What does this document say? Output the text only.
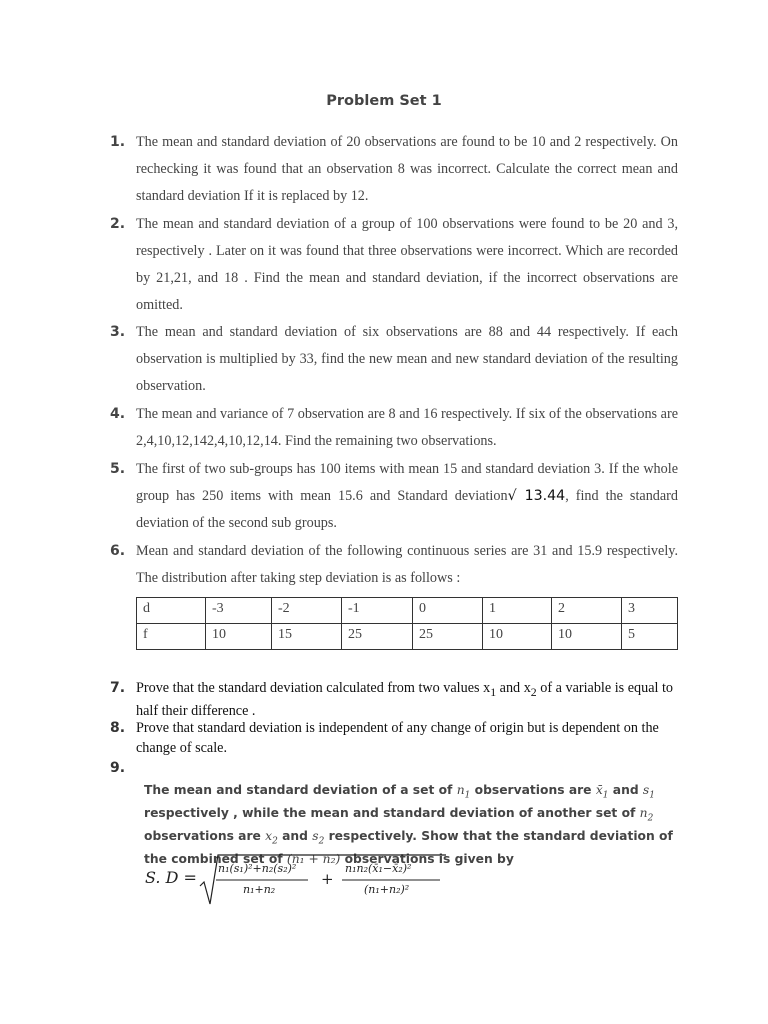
Problem Set 1
1. The mean and standard deviation of 20 observations are found to be 10 and 2 respectively. On rechecking it was found that an observation 8 was incorrect. Calculate the correct mean and standard deviation If it is replaced by 12.
2. The mean and standard deviation of a group of 100 observations were found to be 20 and 3, respectively . Later on it was found that three observations were incorrect. Which are recorded by 21,21, and 18 . Find the mean and standard deviation, if the incorrect observations are omitted.
3. The mean and standard deviation of six observations are 88 and 44 respectively. If each observation is multiplied by 33, find the new mean and new standard deviation of the resulting observation.
4. The mean and variance of 7 observation are 8 and 16 respectively. If six of the observations are 2,4,10,12,142,4,10,12,14. Find the remaining two observations.
5. The first of two sub-groups has 100 items with mean 15 and standard deviation 3. If the whole group has 250 items with mean 15.6 and Standard deviation√ 13.44, find the standard deviation of the second sub groups.
6. Mean and standard deviation of the following continuous series are 31 and 15.9 respectively. The distribution after taking step deviation is as follows :
d	-3	-2	-1	0	1	2	3
f	10	15	25	25	10	10	5
7. Prove that the standard deviation calculated from two values $x_1$ and $x_2$ of a variable is equal to half their difference .
8. Prove that standard deviation is independent of any change of origin but is dependent on the change of scale.
9.
The mean and standard deviation of a set of $n_1$ observations are $x̄_1$ and $s_1$ respectively , while the mean and standard deviation of another set of $n_2$ observations are $x_2$ and $s_2$ respectively. Show that the standard deviation of the combined set of (n₁ + n₂) observations is given by
S. D = n₁(s₁)²+n₂(s₂)²
n₁+n₂
+
n₁n₂(x̄₁−x̄₂)²
(n₁+n₂)²
